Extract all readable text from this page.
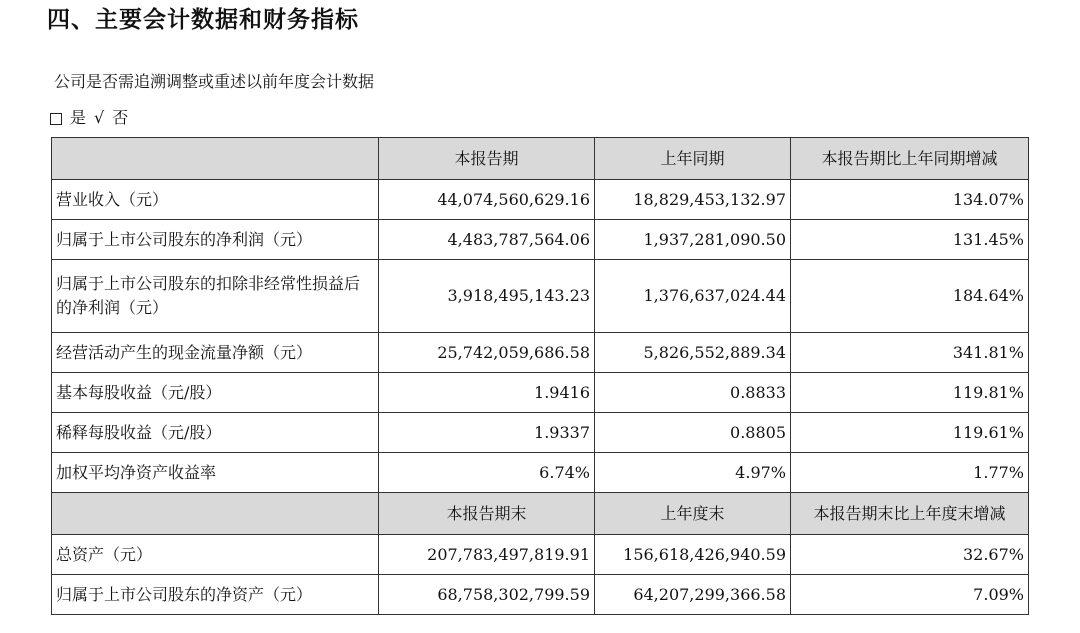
四、主要会计数据和财务指标
公司是否需追溯调整或重述以前年度会计数据
是 √ 否
	本报告期	上年同期	本报告期比上年同期增减
营业收入（元）	44,074,560,629.16	18,829,453,132.97	134.07%
归属于上市公司股东的净利润（元）	4,483,787,564.06	1,937,281,090.50	131.45%
归属于上市公司股东的扣除非经常性损益后的净利润（元）	3,918,495,143.23	1,376,637,024.44	184.64%
经营活动产生的现金流量净额（元）	25,742,059,686.58	5,826,552,889.34	341.81%
基本每股收益（元/股）	1.9416	0.8833	119.81%
稀释每股收益（元/股）	1.9337	0.8805	119.61%
加权平均净资产收益率	6.74%	4.97%	1.77%
	本报告期末	上年度末	本报告期末比上年度末增减
总资产（元）	207,783,497,819.91	156,618,426,940.59	32.67%
归属于上市公司股东的净资产（元）	68,758,302,799.59	64,207,299,366.58	7.09%
